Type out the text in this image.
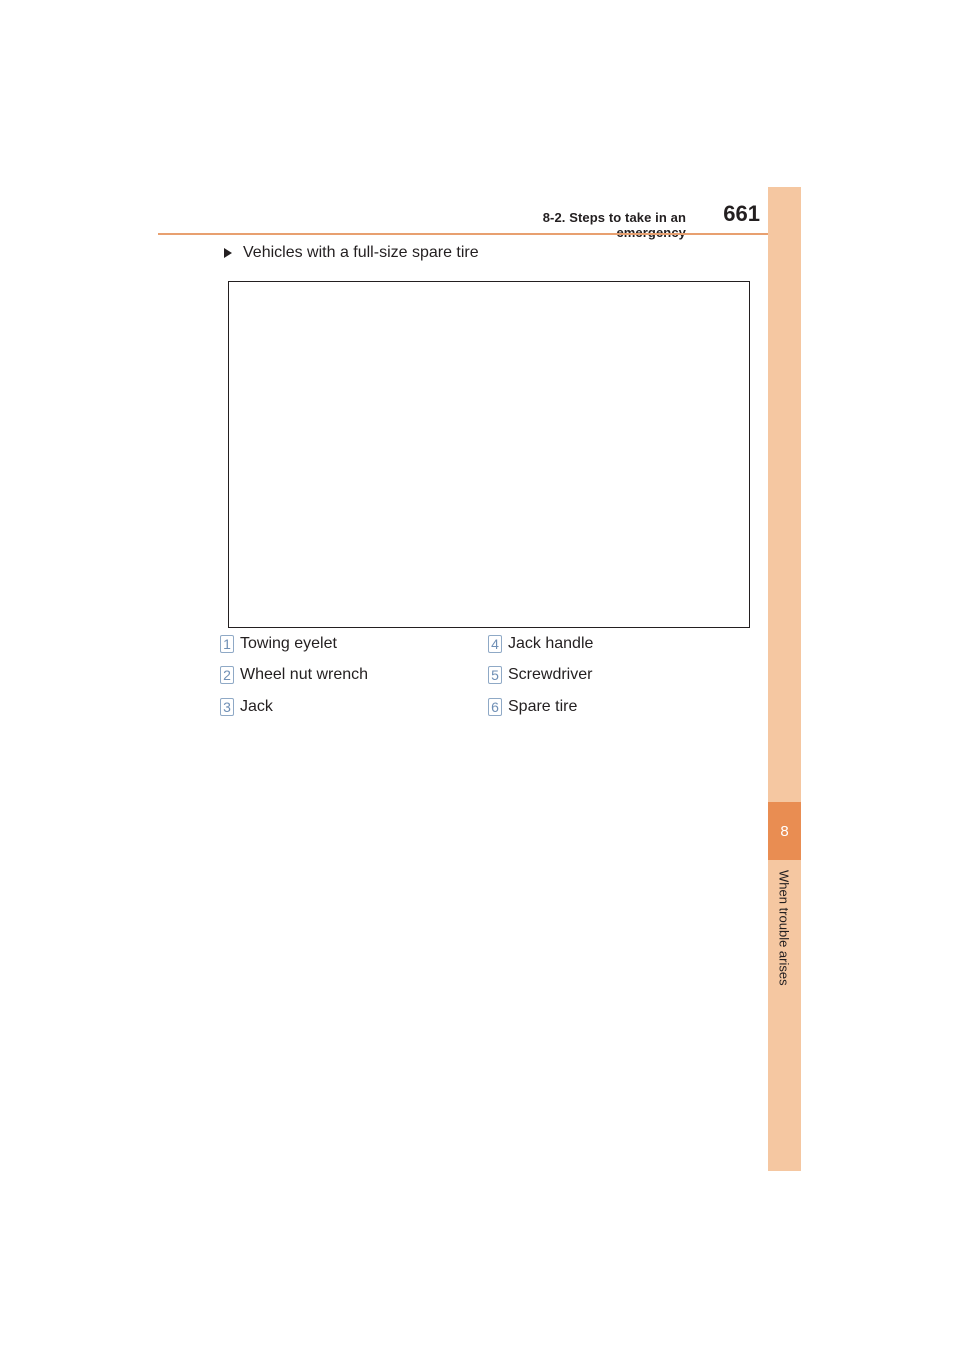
8-2. Steps to take in an	661
8
When trouble arises
Vehicles with a full-size spare tire
1 Towing eyelet
2 Wheel nut wrench
3 Jack
4 Jack handle
5 Screwdriver
6 Spare tire
